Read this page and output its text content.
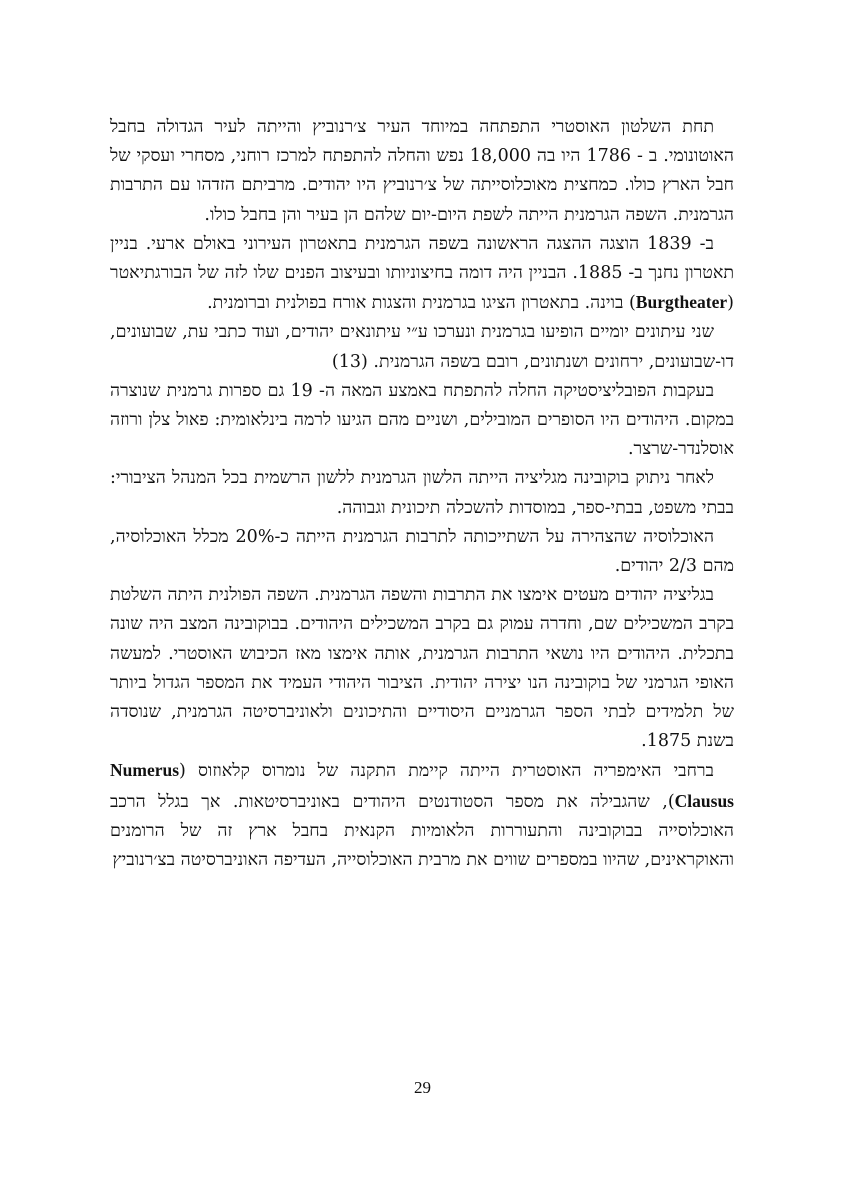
תחת השלטון האוסטרי התפתחה במיוחד העיר צ׳רנוביץ והייתה לעיר הגדולה בחבל האוטונומי. ב - 1786 היו בה 18,000 נפש והחלה להתפתח למרכז רוחני, מסחרי ועסקי של חבל הארץ כולו. כמחצית מאוכלוסייתה של צ׳רנוביץ היו יהודים. מרביתם הזדהו עם התרבות הגרמנית. השפה הגרמנית הייתה לשפת היום-יום שלהם הן בעיר והן בחבל כולו.

ב- 1839 הוצגה ההצגה הראשונה בשפה הגרמנית בתאטרון העירוני באולם ארעי. בניין תאטרון נחנך ב- 1885. הבניין היה דומה בחיצוניותו ובעיצוב הפנים שלו לזה של הבורגתיאטר (Burgtheater) בוינה. בתאטרון הציגו בגרמנית והצגות אורח בפולנית וברומנית.

שני עיתונים יומיים הופיעו בגרמנית ונערכו ע״י עיתונאים יהודים, ועוד כתבי עת, שבועונים, דו-שבועונים, ירחונים ושנתונים, רובם בשפה הגרמנית. (13)

בעקבות הפובליציסטיקה החלה להתפתח באמצע המאה ה- 19 גם ספרות גרמנית שנוצרה במקום. היהודים היו הסופרים המובילים, ושניים מהם הגיעו לרמה בינלאומית: פאול צלן ורוזה אוסלנדר-שרצר.

לאחר ניתוק בוקובינה מגליציה הייתה הלשון הגרמנית ללשון הרשמית בכל המנהל הציבורי: בבתי משפט, בבתי-ספר, במוסדות להשכלה תיכונית וגבוהה.

האוכלוסיה שהצהירה על השתייכותה לתרבות הגרמנית הייתה כ-20% מכלל האוכלוסיה, מהם 2/3 יהודים.

בגליציה יהודים מעטים אימצו את התרבות והשפה הגרמנית. השפה הפולנית היתה השלטת בקרב המשכילים שם, וחדרה עמוק גם בקרב המשכילים היהודים. בבוקובינה המצב היה שונה בתכלית. היהודים היו נושאי התרבות הגרמנית, אותה אימצו מאז הכיבוש האוסטרי. למעשה האופי הגרמני של בוקובינה הנו יצירה יהודית. הציבור היהודי העמיד את המספר הגדול ביותר של תלמידים לבתי הספר הגרמניים היסודיים והתיכונים ולאוניברסיטה הגרמנית, שנוסדה בשנת 1875.

ברחבי האימפריה האוסטרית הייתה קיימת התקנה של נומרוס קלאוזוס (Numerus Clausus), שהגבילה את מספר הסטודנטים היהודים באוניברסיטאות. אך בגלל הרכב האוכלוסייה בבוקובינה והתעוררות הלאומיות הקנאית בחבל ארץ זה של הרומנים והאוקראינים, שהיוו במספרים שווים את מרבית האוכלוסייה, העדיפה האוניברסיטה בצ׳רנוביץ

29
